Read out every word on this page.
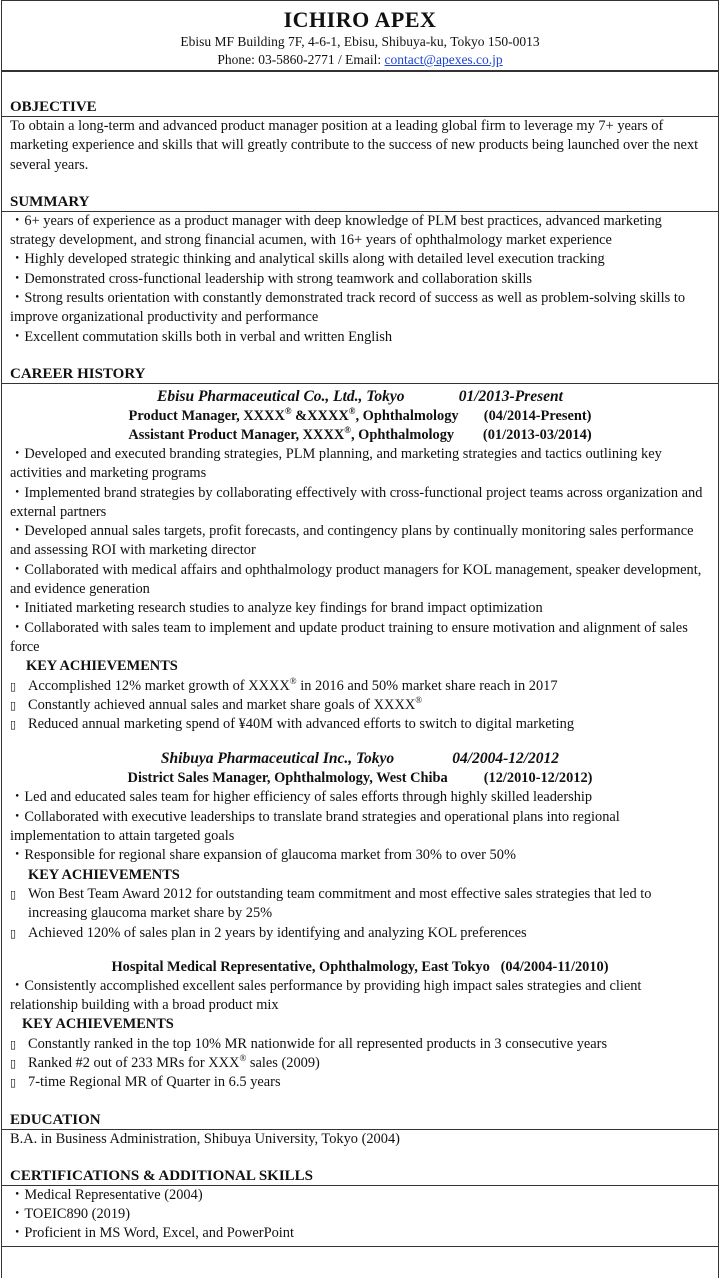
ICHIRO APEX
Ebisu MF Building 7F, 4-6-1, Ebisu, Shibuya-ku, Tokyo 150-0013
Phone: 03-5860-2771 / Email: contact@apexes.co.jp
OBJECTIVE
To obtain a long-term and advanced product manager position at a leading global firm to leverage my 7+ years of marketing experience and skills that will greatly contribute to the success of new products being launched over the next several years.
SUMMARY
・6+ years of experience as a product manager with deep knowledge of PLM best practices, advanced marketing strategy development, and strong financial acumen, with 16+ years of ophthalmology market experience
・Highly developed strategic thinking and analytical skills along with detailed level execution tracking
・Demonstrated cross-functional leadership with strong teamwork and collaboration skills
・Strong results orientation with constantly demonstrated track record of success as well as problem-solving skills to improve organizational productivity and performance
・Excellent commutation skills both in verbal and written English
CAREER HISTORY
Ebisu Pharmaceutical Co., Ltd., Tokyo              01/2013-Present
Product Manager, XXXX® &XXXX®, Ophthalmology       (04/2014-Present)
Assistant Product Manager, XXXX®, Ophthalmology        (01/2013-03/2014)
・Developed and executed branding strategies, PLM planning, and marketing strategies and tactics outlining key activities and marketing programs
・Implemented brand strategies by collaborating effectively with cross-functional project teams across organization and external partners
・Developed annual sales targets, profit forecasts, and contingency plans by continually monitoring sales performance and assessing ROI with marketing director
・Collaborated with medical affairs and ophthalmology product managers for KOL management, speaker development, and evidence generation
・Initiated marketing research studies to analyze key findings for brand impact optimization
・Collaborated with sales team to implement and update product training to ensure motivation and alignment of sales force
KEY ACHIEVEMENTS
▯ Accomplished 12% market growth of XXXX® in 2016 and 50% market share reach in 2017
▯ Constantly achieved annual sales and market share goals of XXXX®
▯ Reduced annual marketing spend of ¥40M with advanced efforts to switch to digital marketing
Shibuya Pharmaceutical Inc., Tokyo               04/2004-12/2012
District Sales Manager, Ophthalmology, West Chiba          (12/2010-12/2012)
・Led and educated sales team for higher efficiency of sales efforts through highly skilled leadership
・Collaborated with executive leaderships to translate brand strategies and operational plans into regional implementation to attain targeted goals
・Responsible for regional share expansion of glaucoma market from 30% to over 50%
KEY ACHIEVEMENTS
▯ Won Best Team Award 2012 for outstanding team commitment and most effective sales strategies that led to increasing glaucoma market share by 25%
▯ Achieved 120% of sales plan in 2 years by identifying and analyzing KOL preferences
Hospital Medical Representative, Ophthalmology, East Tokyo   (04/2004-11/2010)
・Consistently accomplished excellent sales performance by providing high impact sales strategies and client relationship building with a broad product mix
KEY ACHIEVEMENTS
▯ Constantly ranked in the top 10% MR nationwide for all represented products in 3 consecutive years
▯ Ranked #2 out of 233 MRs for XXX® sales (2009)
▯ 7-time Regional MR of Quarter in 6.5 years
EDUCATION
B.A. in Business Administration, Shibuya University, Tokyo (2004)
CERTIFICATIONS & ADDITIONAL SKILLS
・Medical Representative (2004)
・TOEIC890 (2019)
・Proficient in MS Word, Excel, and PowerPoint
